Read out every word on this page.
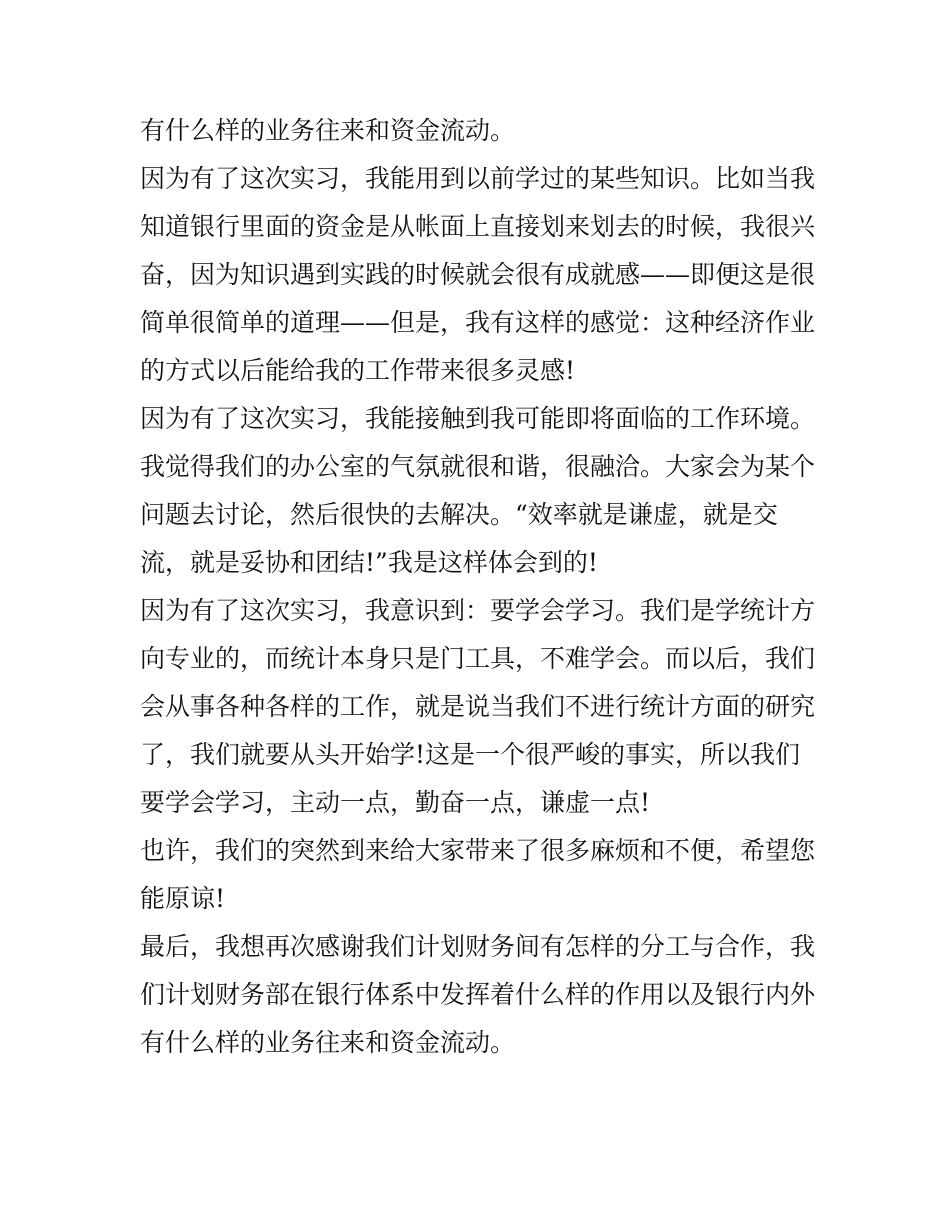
有什么样的业务往来和资金流动。
因为有了这次实习，我能用到以前学过的某些知识。比如当我
知道银行里面的资金是从帐面上直接划来划去的时候，我很兴
奋，因为知识遇到实践的时候就会很有成就感——即便这是很
简单很简单的道理——但是，我有这样的感觉：这种经济作业
的方式以后能给我的工作带来很多灵感!
因为有了这次实习，我能接触到我可能即将面临的工作环境。
我觉得我们的办公室的气氛就很和谐，很融洽。大家会为某个
问题去讨论，然后很快的去解决。“效率就是谦虚，就是交
流，就是妥协和团结!”我是这样体会到的!
因为有了这次实习，我意识到：要学会学习。我们是学统计方
向专业的，而统计本身只是门工具，不难学会。而以后，我们
会从事各种各样的工作，就是说当我们不进行统计方面的研究
了，我们就要从头开始学!这是一个很严峻的事实，所以我们
要学会学习，主动一点，勤奋一点，谦虚一点!
也许，我们的突然到来给大家带来了很多麻烦和不便，希望您
能原谅!
最后，我想再次感谢我们计划财务间有怎样的分工与合作，我
们计划财务部在银行体系中发挥着什么样的作用以及银行内外
有什么样的业务往来和资金流动。
